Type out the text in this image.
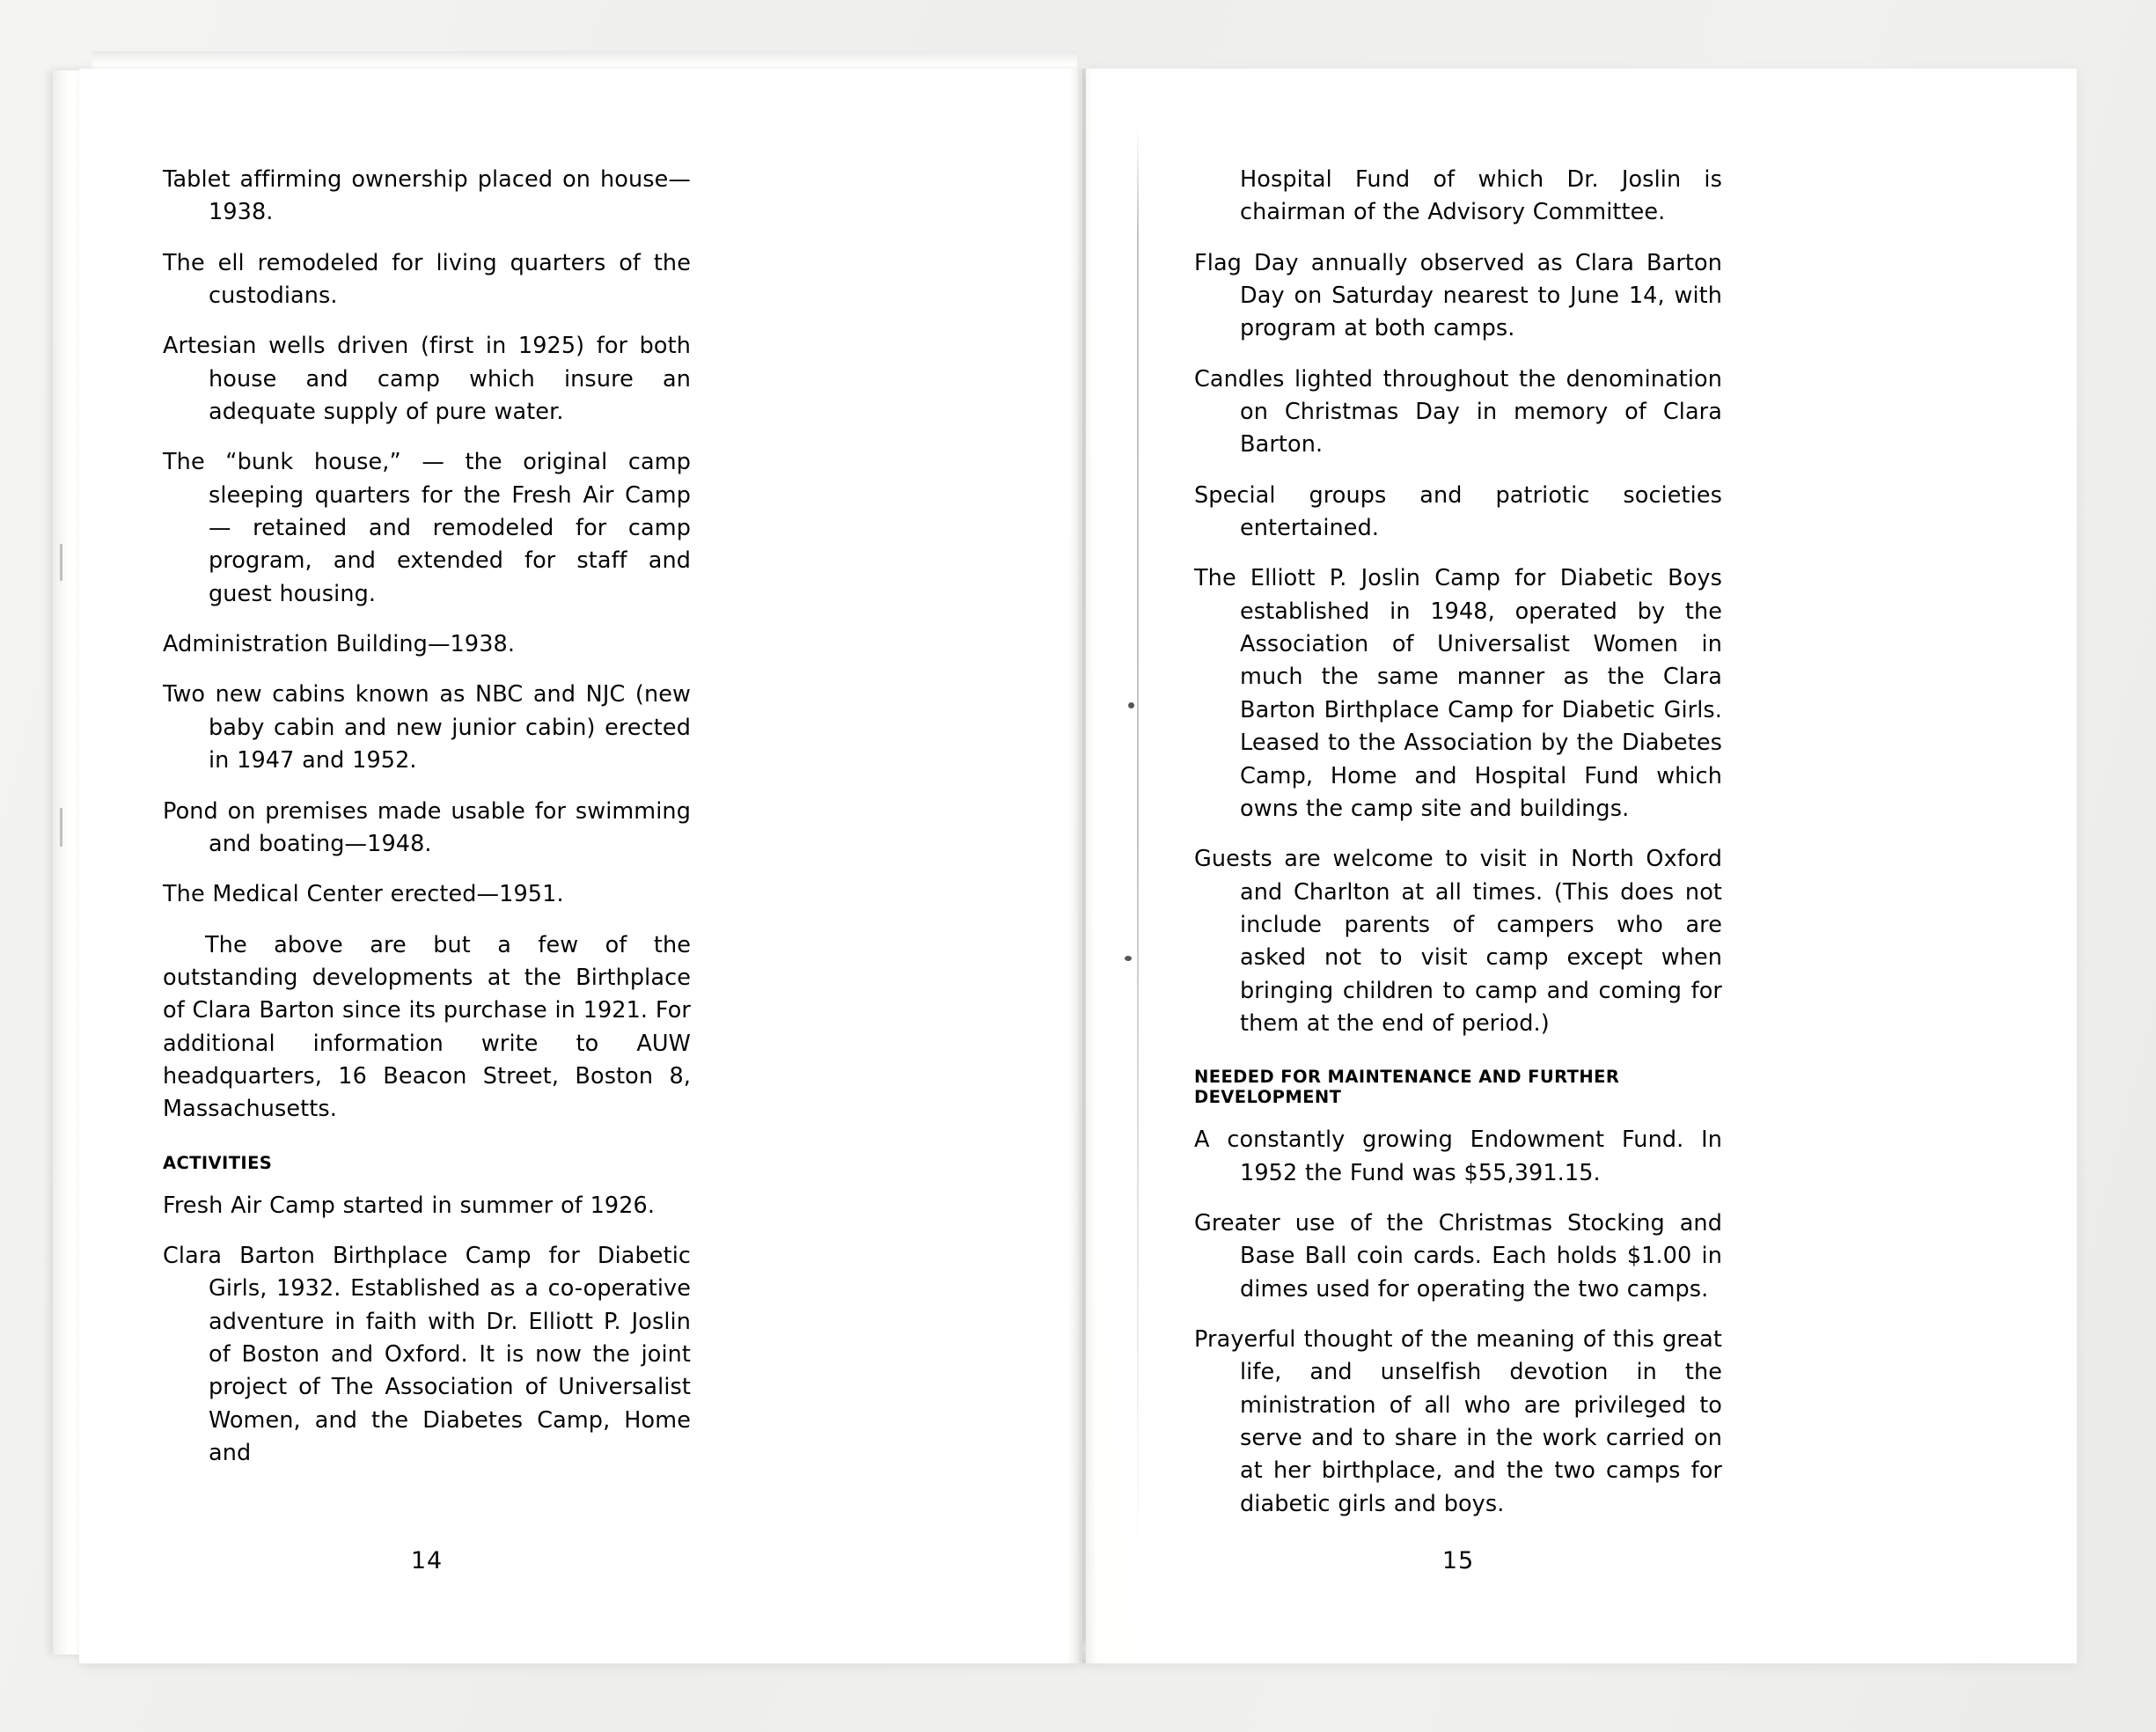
Tablet affirming ownership placed on house— 1938.
The ell remodeled for living quarters of the custodians.
Artesian wells driven (first in 1925) for both house and camp which insure an adequate supply of pure water.
The “bunk house,” — the original camp sleeping quarters for the Fresh Air Camp — retained and remodeled for camp program, and extended for staff and guest housing.
Administration Building—1938.
Two new cabins known as NBC and NJC (new baby cabin and new junior cabin) erected in 1947 and 1952.
Pond on premises made usable for swimming and boating—1948.
The Medical Center erected—1951.

The above are but a few of the outstanding developments at the Birthplace of Clara Barton since its purchase in 1921. For additional information write to AUW headquarters, 16 Beacon Street, Boston 8, Massachusetts.

ACTIVITIES
Fresh Air Camp started in summer of 1926.
Clara Barton Birthplace Camp for Diabetic Girls, 1932. Established as a co-operative adventure in faith with Dr. Elliott P. Joslin of Boston and Oxford. It is now the joint project of The Association of Universalist Women, and the Diabetes Camp, Home and
14
Hospital Fund of which Dr. Joslin is chairman of the Advisory Committee.
Flag Day annually observed as Clara Barton Day on Saturday nearest to June 14, with program at both camps.
Candles lighted throughout the denomination on Christmas Day in memory of Clara Barton.
Special groups and patriotic societies entertained.
The Elliott P. Joslin Camp for Diabetic Boys established in 1948, operated by the Association of Universalist Women in much the same manner as the Clara Barton Birthplace Camp for Diabetic Girls. Leased to the Association by the Diabetes Camp, Home and Hospital Fund which owns the camp site and buildings.
Guests are welcome to visit in North Oxford and Charlton at all times. (This does not include parents of campers who are asked not to visit camp except when bringing children to camp and coming for them at the end of period.)
NEEDED FOR MAINTENANCE AND FURTHER DEVELOPMENT
A constantly growing Endowment Fund. In 1952 the Fund was $55,391.15.
Greater use of the Christmas Stocking and Base Ball coin cards. Each holds $1.00 in dimes used for operating the two camps.
Prayerful thought of the meaning of this great life, and unselfish devotion in the ministration of all who are privileged to serve and to share in the work carried on at her birthplace, and the two camps for diabetic girls and boys.
15
